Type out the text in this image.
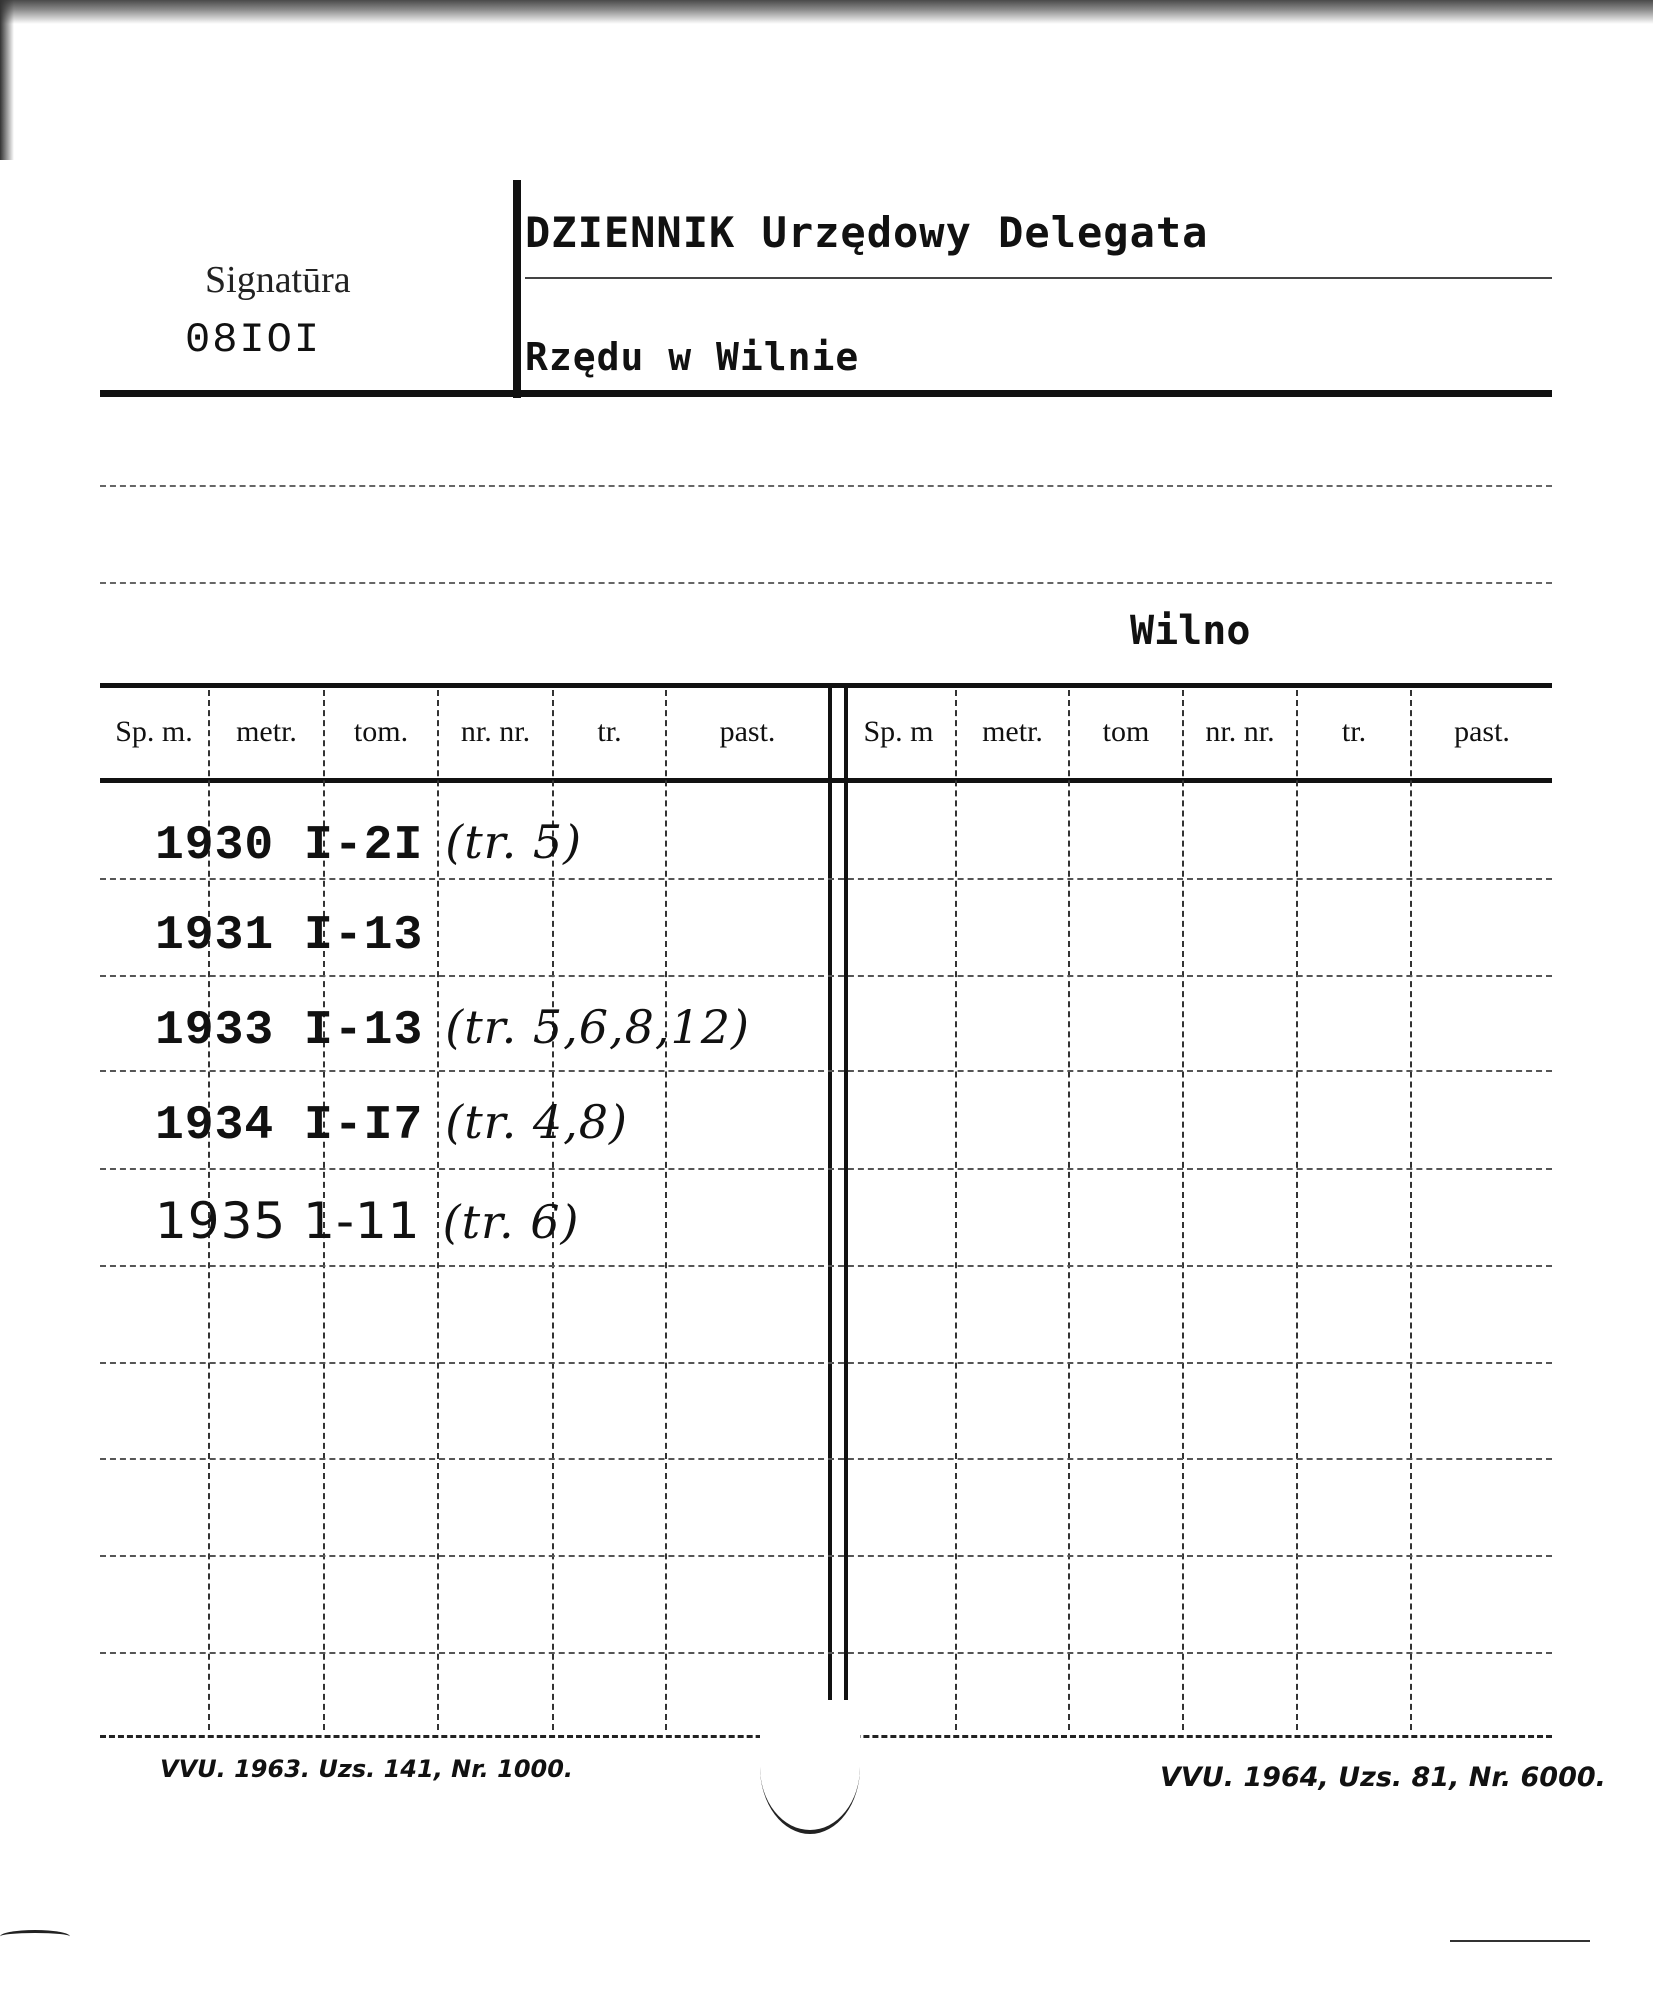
Signatūra
08IOI
DZIENNIK Urzędowy Delegata
Rzędu w Wilnie
Wilno
Sp. m.	metr.	tom.	nr. nr.	tr.	past.	Sp. m	metr.	tom	nr. nr.	tr.	past.
1930 I-2I (tr. 5)
1931 I-13
1933 I-13 (tr. 5,6,8,12)
1934 I-I7 (tr. 4,8)
1935 1-11 (tr. 6)
VVU. 1963. Uzs. 141, Nr. 1000.	VVU. 1964, Uzs. 81, Nr. 6000.
